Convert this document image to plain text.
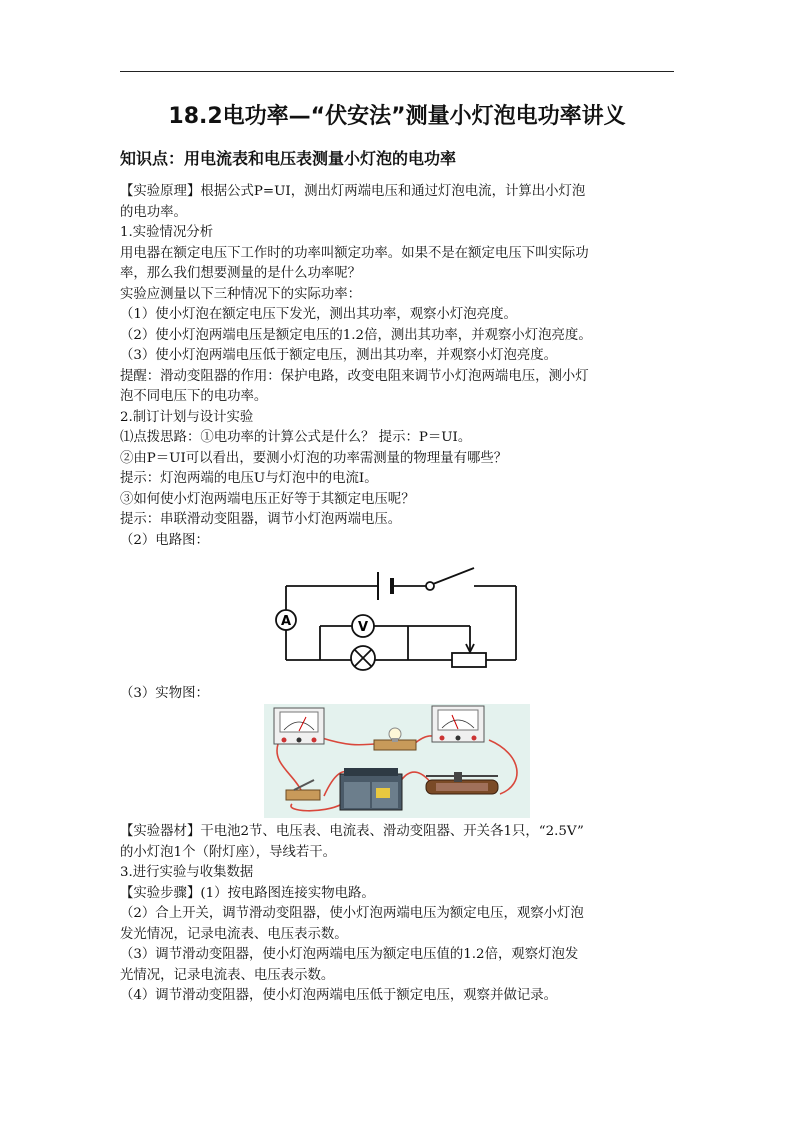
18.2电功率—“伏安法”测量小灯泡电功率讲义
知识点：用电流表和电压表测量小灯泡的电功率
【实验原理】根据公式P=UI，测出灯两端电压和通过灯泡电流，计算出小灯泡
的电功率。
1.实验情况分析
用电器在额定电压下工作时的功率叫额定功率。如果不是在额定电压下叫实际功
率，那么我们想要测量的是什么功率呢？
实验应测量以下三种情况下的实际功率：
（1）使小灯泡在额定电压下发光，测出其功率，观察小灯泡亮度。
（2）使小灯泡两端电压是额定电压的1.2倍，测出其功率，并观察小灯泡亮度。
（3）使小灯泡两端电压低于额定电压，测出其功率，并观察小灯泡亮度。
提醒：滑动变阻器的作用：保护电路，改变电阻来调节小灯泡两端电压，测小灯
泡不同电压下的电功率。
2.制订计划与设计实验
⑴点拨思路：①电功率的计算公式是什么？ 提示：P＝UI。
②由P＝UI可以看出，要测小灯泡的功率需测量的物理量有哪些？
提示：灯泡两端的电压U与灯泡中的电流I。
③如何使小灯泡两端电压正好等于其额定电压呢？
提示：串联滑动变阻器，调节小灯泡两端电压。
（2）电路图：
A	V
（3）实物图：
【实验器材】干电池2节、电压表、电流表、滑动变阻器、开关各1只，“2.5V”
的小灯泡1个（附灯座），导线若干。
3.进行实验与收集数据
【实验步骤】(1）按电路图连接实物电路。
（2）合上开关，调节滑动变阻器，使小灯泡两端电压为额定电压，观察小灯泡
发光情况，记录电流表、电压表示数。
（3）调节滑动变阻器，使小灯泡两端电压为额定电压值的1.2倍，观察灯泡发
光情况，记录电流表、电压表示数。
（4）调节滑动变阻器，使小灯泡两端电压低于额定电压，观察并做记录。
